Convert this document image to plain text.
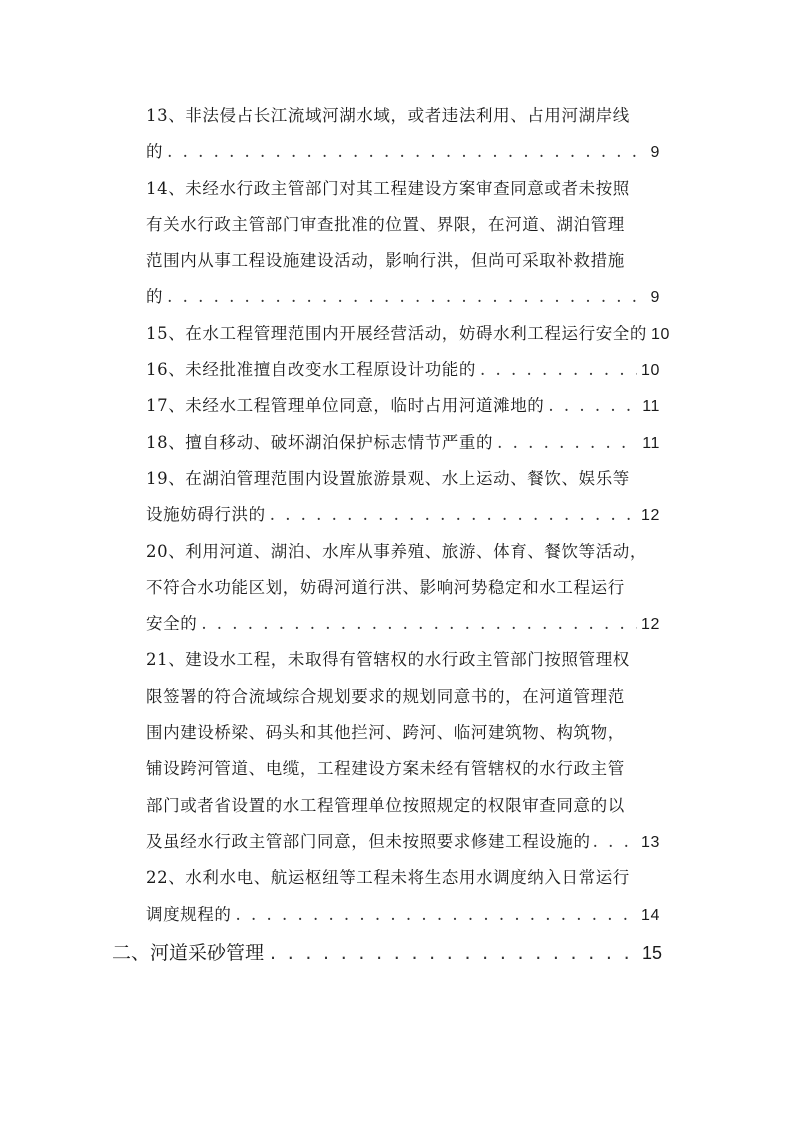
13、非法侵占长江流域河湖水域，或者违法利用、占用河湖岸线
的 . . .	9
14、未经水行政主管部门对其工程建设方案审查同意或者未按照
有关水行政主管部门审查批准的位置、界限，在河道、湖泊管理
范围内从事工程设施建设活动，影响行洪，但尚可采取补救措施
的 . . .	9
15、在水工程管理范围内开展经营活动，妨碍水利工程运行安全的 10
16、未经批准擅自改变水工程原设计功能的 . . .	10
17、未经水工程管理单位同意，临时占用河道滩地的 . . .	11
18、擅自移动、破坏湖泊保护标志情节严重的 . . .	11
19、在湖泊管理范围内设置旅游景观、水上运动、餐饮、娱乐等
设施妨碍行洪的 . . .	12
20、利用河道、湖泊、水库从事养殖、旅游、体育、餐饮等活动，
不符合水功能区划，妨碍河道行洪、影响河势稳定和水工程运行
安全的 . . .	12
21、建设水工程，未取得有管辖权的水行政主管部门按照管理权
限签署的符合流域综合规划要求的规划同意书的，在河道管理范
围内建设桥梁、码头和其他拦河、跨河、临河建筑物、构筑物，
铺设跨河管道、电缆，工程建设方案未经有管辖权的水行政主管
部门或者省设置的水工程管理单位按照规定的权限审查同意的以
及虽经水行政主管部门同意，但未按照要求修建工程设施的 . . .	13
22、水利水电、航运枢纽等工程未将生态用水调度纳入日常运行
调度规程的 . . .	14
二、河道采砂管理 . . .	15
